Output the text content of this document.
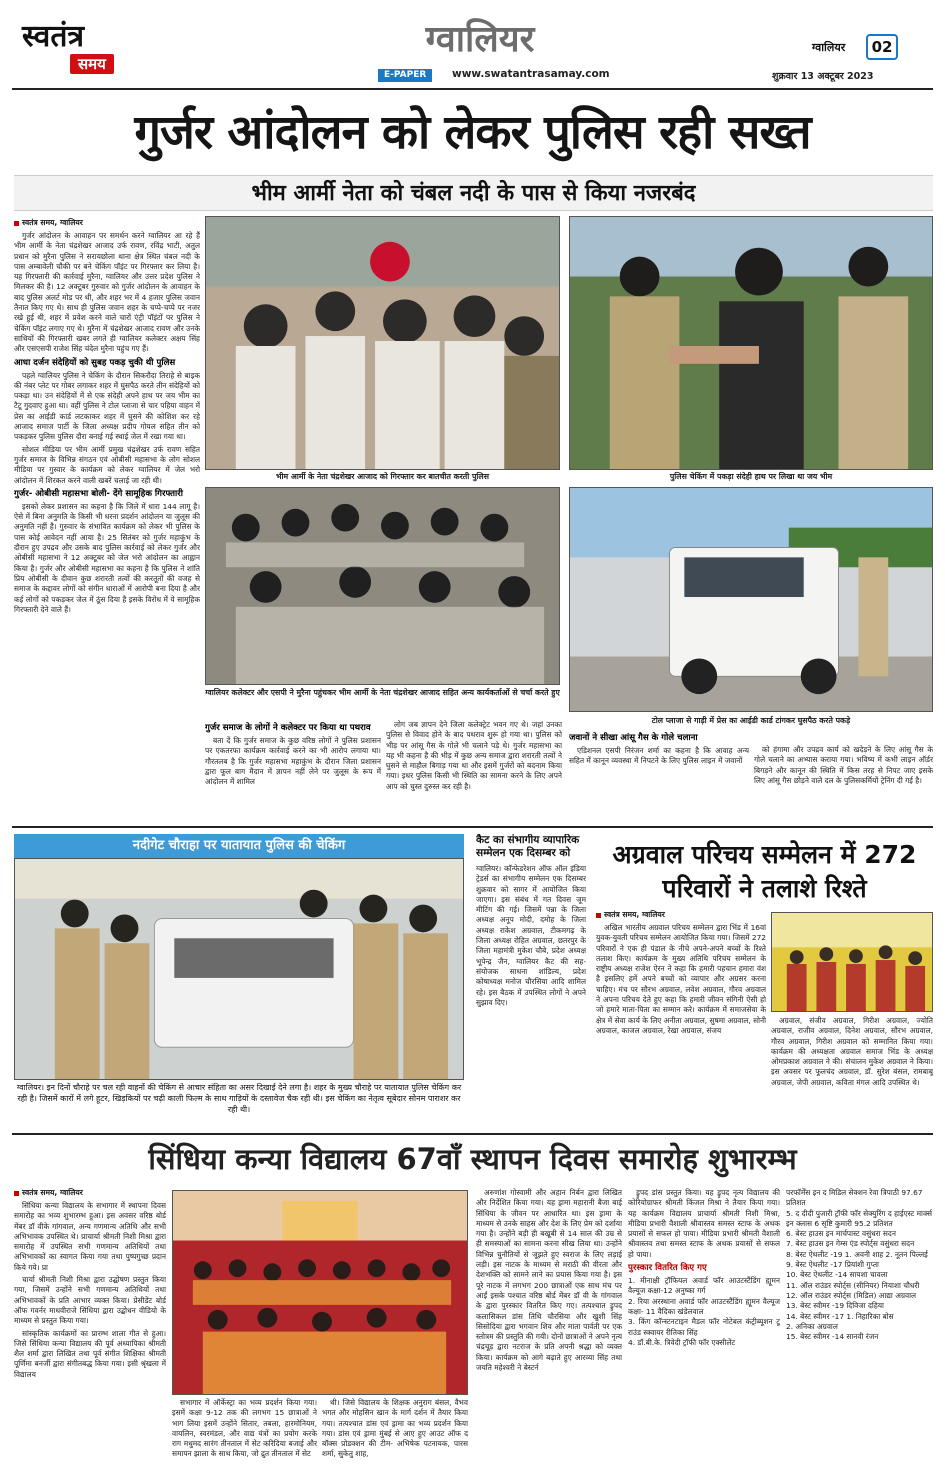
स्वतंत्र
समय
ग्वालियर
E-PAPER	www.swatantrasamay.com
ग्वालियर	02
शुक्रवार 13 अक्टूबर 2023
गुर्जर आंदोलन को लेकर पुलिस रही सख्त
भीम आर्मी नेता को चंबल नदी के पास से किया नजरबंद
स्वतंत्र समय, ग्वालियर

गुर्जर आंदोलन के आवाहन पर समर्थन करने ग्वालियर आ रहे हैं भीम आर्मी के नेता चंद्रशेखर आजाद उर्फ रावण, रविंद्र भाटी, अतुल प्रधान को मुरैना पुलिस ने सरायछोला थाना क्षेत्र स्थित चंबल नदी के पास अम्बावेली चौकी पर बने चेकिंग पॉइंट पर गिरफ्तार कर लिया है। यह गिरफ्तारी की कार्रवाई मुरैना, ग्वालियर और उत्तर प्रदेश पुलिस ने मिलकर की है। 12 अक्टूबर गुरुवार को गुर्जर आंदोलन के आवाहन के बाद पुलिस अलर्ट मोड पर थी, और शहर भर में 4 हजार पुलिस जवान तैनात किए गए थे। साथ ही पुलिस जवान शहर के चप्पे-चप्पे पर नजर रखे हुई थी, शहर में प्रवेश करने वाले चारों एंट्री पॉइंटों पर पुलिस ने चेकिंग पॉइंट लगाए गए थे। मुरैना में चंद्रशेखर आजाद रावण और उनके साथियों की गिरफ्तारी खबर लगते ही ग्वालियर कलेक्टर अक्षय सिंह और एसएसपी राजेश सिंह चंदेल मुरैना पहुंच गए हैं।

आधा दर्जन संदेहियों को सुबह पकड़ चुकी थी पुलिस

पहले ग्वालियर पुलिस ने चेकिंग के दौरान सिकरौदा तिराहे से बाइक की नंबर प्लेट पर गोबर लगाकर शहर में घुसपैठ करते तीन संदेहियों को पकड़ा था। उन संदेहियों में से एक संदेही अपने हाथ पर जय भीम का टैटू गुदवाए हुआ था। वहीं पुलिस ने टोल प्लाजा से चार पहिया वाहन में प्रेस का आईडी कार्ड लटकाकर शहर में घुसने की कोशिश कर रहे आजाद समाज पार्टी के जिला अध्यक्ष प्रदीप गोयल सहित तीन को पकड़कर पुलिस पुलिस दौरा बनाई गई स्थाई जेल में रखा गया था।

सोशल मीडिया पर भीम आर्मी प्रमुख चंद्रशेखर उर्फ रावण सहित गुर्जर समाज के विभिन्न संगठन एवं ओबीसी महासभा के लोग सोशल मीडिया पर गुस्वार के कार्यक्रम को लेकर ग्वालियर में जेल भरो आंदोलन में शिरकत करने वाली खबरें चलाई जा रही थी।

गुर्जर- ओबीसी महासभा बोली- देंगे सामूहिक गिरफ्तारी

इसको लेकर प्रशासन का कहना है कि जिले में धारा 144 लागू है। ऐसे में बिना अनुमति के किसी भी धरना प्रदर्शन आंदोलन या जुलूस की अनुमति नहीं है। गुरुवार के संभावित कार्यक्रम को लेकर भी पुलिस के पास कोई आवेदन नहीं आया है। 25 सितंबर को गुर्जर महाकुंभ के दौरान हुए उपद्रव और उसके बाद पुलिस कार्रवाई को लेकर गुर्जर और ओबीसी महासभा ने 12 अक्टूबर को जेल भरो आंदोलन का आह्वान किया है। गुर्जर और ओबीसी महासभा का कहना है कि पुलिस ने शांति प्रिय ओबीसी के दीवान कुछ शरारती तत्वों की करतूतों की वजह से समाज के कद्दावर लोगों को संगीन धाराओं में आरोपी बना दिया है और कई लोगों को पकड़कर जेल में ठूंस दिया है इसके विरोध में ये सामूहिक गिरफ्तारी देने वाले हैं।

भीम आर्मी के नेता चंद्रशेखर आजाद को गिरफ्तार कर बातचीत करती पुलिस	पुलिस चेकिंग में पकड़ा संदेही हाथ पर लिखा था जय भीम
ग्वालियर कलेक्टर और एसपी ने मुरैना पहुंचकर भीम आर्मी के नेता चंद्रशेखर आजाद सहित अन्य कार्यकर्ताओं से चर्चा करते हुए
टोल प्लाजा से गाड़ी में प्रेस का आईडी कार्ड टांगकर घुसपैठ करते पकड़े
गुर्जर समाज के लोगों ने कलेक्टर पर किया था पथराव

बता दें कि गुर्जर समाज के कुछ वरिष्ठ लोगों ने पुलिस प्रशासन पर एकतरफा कार्यक्रम कार्रवाई करने का भी आरोप लगाया था। गौरतलब है कि गुर्जर महासभा महाकुंभ के दौरान जिला प्रशासन द्वारा फूल बाग मैदान में ज्ञापन नहीं लेने पर जुलूस के रूप में आंदोलन में शामिल

लोग जब ज्ञापन देने जिला कलेक्ट्रेट भवन गए थे। जहां उनका पुलिस से विवाद होने के बाद पथराव शुरू हो गया था। पुलिस को भीड़ पर आंसू गैस के गोले भी चलाने पड़े थे। गुर्जर महासभा का यह भी कहना है की भीड़ में कुछ अन्य समाज द्वारा शरारती तत्वों ने घुसने से माहौल बिगाड़ गया था और इसमें गुर्जरों को बदनाम किया गया। इधर पुलिस किसी भी स्थिति का सामना करने के लिए अपने आप को चुस्त दुरुस्त कर रही है।

जवानों ने सीखा आंसू गैस के गोले चलाना

एडिशनल एसपी निरंजन शर्मा का कहना है कि आवाह अन्य सहित में कानून व्यवस्था में निपटने के लिए पुलिस लाइन में जवानों

को हंगामा और उपद्रव कार्य को खदेड़ने के लिए आंसू गैस के गोले चलाने का अभ्यास कराया गया। भविष्य में कभी लाइन ऑर्डर बिगड़ने और कानून की स्थिति में किस तरह से निपट जाए इसके लिए आंसू गैस छोड़ने वाले दल के पुलिसकर्मियों ट्रेनिंग दी गई है।

नदीगेट चौराहा पर यातायात पुलिस की चेकिंग
ग्वालियर। इन दिनों चौराहे पर चल रही वाहनों की चेकिंग से आचार संहिता का असर दिखाई देने लगा है। शहर के मुख्य चौराहे पर यातायात पुलिस चेकिंग कर रही है। जिसमें कारों में लगे हूटर, खिड़कियों पर चढ़ी काली फिल्म के साथ गाड़ियों के दस्तावेज चैक रही थी। इस चेकिंग का नेतृत्व सूबेदार सोनम पाराशर कर रही थी।
कैट का संभागीय व्यापारिक सम्मेलन एक दिसम्बर को
ग्वालियर। कॉन्फेडरेशन ऑफ ऑल इंडिया ट्रेडर्स का संभागीय सम्मेलन एक दिसम्बर शुक्रवार को सागर में आयोजित किया जाएगा। इस संबंध में गत दिवस जूम मीटिंग की गई। जिसमें पन्ना के जिला अध्यक्ष अनूप मोदी, दमोह के जिला अध्यक्ष राकेश अग्रवाल, टीकमगढ़ के जिला अध्यक्ष रोहित अग्रवाल, छतरपुर के जिला महामंत्री मुकेश चौबे, प्रदेश अध्यक्ष भूपेन्द्र जैन, ग्वालियर कैट की सह-संयोजक साधना शांडिल्य, प्रदेश कोषाध्यक्ष मनोज चौरसिया आदि शामिल रहे। इस बैठक में उपस्थित लोगों ने अपने सुझाव दिए।
अग्रवाल परिचय सम्मेलन में 272 परिवारों ने तलाशे रिश्ते
स्वतंत्र समय, ग्वालियर

अखिल भारतीय अग्रवाल परिचय सम्मेलन द्वारा भिंड में 16वां युवक-युवती परिचय सम्मेलन आयोजित किया गया। जिसमें 272 परिवारों ने एक ही पंडाल के नीचे अपने-अपने बच्चों के रिश्ते तलाश किए। कार्यक्रम के मुख्य अतिथि परिचय सम्मेलन के राष्ट्रीय अध्यक्ष राजेश ऐरन ने कहा कि हमारी पहचान हमारा वंश है इसलिए हमें अपने बच्चों को व्यापार और अग्रसर करना चाहिए। मंच पर सौरभ अग्रवाल, लवेश अग्रवाल, गौरव अग्रवाल ने अपना परिचय देते हुए कहा कि हमारी जीवन संगिनी ऐसी हो जो हमारे माता-पिता का सम्मान करे। कार्यक्रम में समाजसेवा के क्षेत्र में सेवा कार्य के लिए अनीता अग्रवाल, सुषमा अग्रवाल, सोनी अग्रवाल, काजल अग्रवाल, रेखा अग्रवाल, संजय

अग्रवाल, संजीव अग्रवाल, गिरीश अग्रवाल, ज्योति अग्रवाल, राजीव अग्रवाल, दिनेश अग्रवाल, सौरभ अग्रवाल, गौरव अग्रवाल, गिरीश अग्रवाल को सम्मानित किया गया। कार्यक्रम की अध्यक्षता अग्रवाल समाज भिंड के अध्यक्ष ओमप्रकाश अग्रवाल ने की। संचालन मुकेश अग्रवाल ने किया। इस अवसर पर फूलचंद अग्रवाल, डॉ. सुरेश बंसल, रामबाबू अग्रवाल, जेपी अग्रवाल, कविता मंगल आदि उपस्थित थे।

सिंधिया कन्या विद्यालय 67वाँ स्थापन दिवस समारोह शुभारम्भ
स्वतंत्र समय, ग्वालियर

सिंधिया कन्या विद्यालय के सभागार में स्थापना दिवस समारोह का भव्य शुभारम्भ हुआ। इस अवसर वरिष्ठ बोर्ड मेंबर डॉ वीके गांगवाल, अन्य गणमान्य अतिथि और सभी अभिभावक उपस्थित थे। प्राचार्या श्रीमती निशी मिश्रा द्वारा समारोह में उपस्थित सभी गणमान्य अतिथियों तथा अभिभावकों का स्वागत किया गया तथा पुष्पगुच्छ प्रदान किये गये। प्रा

चार्या श्रीमती निशी मिश्रा द्वारा उद्घोषण प्रस्तुत किया गया, जिसमें उन्होंने सभी गणमान्य अतिथियों तथा अभिभावकों के प्रति आभार व्यक्त किया। प्रेसीडेंट बोर्ड ऑफ गवर्नर माधवीराजे सिंधिया द्वारा उद्बोधन वीडियो के माध्यम से प्रस्तुत किया गया।

सांस्कृतिक कार्यक्रमों का प्रारम्भ शाला गीत से हुआ। जिसे सिंधिया कन्या विद्यालय की पूर्व अध्यापिका श्रीमती शैल शर्मा द्वारा लिखित तथा पूर्व संगीत शिक्षिका श्रीमती पूर्णिमा बनर्जी द्वारा संगीतबद्ध किया गया। इसी श्रृंखला में विद्यालय

सभागार में ऑर्केस्ट्रा का भव्य प्रदर्शन किया गया। इसमें कक्षा 9-12 तक की लगभग 15 छात्राओं ने भाग लिया इसमें उन्होंने सितार, तबला, हारमोनियम, वायलिन, स्वरमंडल, और वाद्य यंत्रों का प्रयोग करके राग मधुमद सारंग तीनताल में सेट करिदिया बजाई और समापन झाला के साथ किया, जो द्रुत तीनताल में सेट

थी। जिसे विद्यालय के शिक्षक अनुराग बंसल, वैभव भगत और मोहसिन खान के मार्ग दर्शन में तैयार किया गया। तत्पश्चात डांस एवं ड्रामा का भव्य प्रदर्शन किया गया। डांस एवं ड्रामा मुंबई से आए हुए आउट ऑफ द बॉक्स प्रोडक्शन की टीम- अभिषेक पटनायक, पारस शर्मा, सुकेतु शाह,

अरुणांश गोस्वामी और अहान निर्बन द्वारा लिखित और निर्देशित किया गया। यह ड्रामा महारानी बैजा बाई सिंधिया के जीवन पर आधारित था। इस ड्रामा के माध्यम से उनके साहस और देश के लिए प्रेम को दर्शाया गया है। उन्होंने बड़ी ही बखूबी से 14 साल की उम्र से ही समस्याओं का सामना करना सीख लिया था। उन्होंने विभिन्न चुनौतियों से जूझते हुए स्वराज के लिए लड़ाई लड़ी। इस नाटक के माध्यम से मराठी की वीरता और देशभक्ति को सामने लाने का प्रयास किया गया है। इस पूरे नाटक में लगभग 200 छात्राओं एक साथ मंच पर आईं इसके पश्चात वरिष्ठ बोर्ड मेंबर डॉ वी के गांगवाल के द्वारा पुरस्कार वितरित किए गए। तत्पश्चात ड्रुपद कलासिकल डांस तिथि चौरसिया और खुशी सिंह सिसोदिया द्वारा भगवान शिव और माता पार्वती पर एक स्तोत्रम की प्रस्तुति की गयी। दोनों छात्राओं ने अपने नृत्य चंद्रचूड़ द्वारा नटराज के प्रति अपनी श्रद्धा को व्यक्त किया। कार्यक्रम को आगे बढ़ाते हुए आरव्या सिंह तथा जयति महेश्वरी ने बेस्टर्न

ड्रुपद डांस प्रस्तुत किया। यह ड्रुपद नृत्य विद्यालय की कोरियोग्राफर श्रीमती किंजल मिश्रा ने तैयार किया गया। यह कार्यक्रम विद्यालय प्राचार्या श्रीमती निशी मिश्रा, मीडिया प्रभारी वैशाली श्रीवास्तव समस्त स्टाफ के अथक प्रयासों से सफल हो पाया। मीडिया प्रभारी श्रीमती वैशाली श्रीवास्तव तथा समस्त स्टाफ के अथक प्रयासों से सफल हो पाया।

पुरस्कार वितरित किए गए
1. मीनाक्षी ट्रॉफियल अवार्ड फॉर आउटस्टैंडिंग ह्यूमन वैल्यूज कक्षा-12 अनुष्का गर्ग
2. रिया अरस्थाना अवार्ड फॉर आउटस्टैंडिंग ह्यूमन वैल्यूज कक्षा- 11 वैदिका खंडेलवाल
3. किंग कॉन्स्टनटाइन मैडल फॉर नोटेबल कंट्रीब्यूशन टू राउंड स्क्वायर रीतिका सिंह
4. डॉ.बी.के. त्रिवेदी ट्रॉफी फॉर एक्सीलेंट
परफॉर्मेंस इन द मिडिल सेक्शन रेवा त्रिपाठी 97.67 प्रतिशत
5. द दीदी पुजारी ट्रॉफी फॉर सेक्युरिंग द हाईएस्ट मार्क्स इन क्लास 6 सृष्टि कुमारी 95.2 प्रतिशत
6. बेस्ट हाउस इन मार्चपास्ट वसुंधरा सदन
7. बेस्ट हाउस इन गेम्स एंड स्पोर्ट्स वसुंधरा सदन
8. बेस्ट ऐथलीट -19 1. अवनी शाह 2. नूतन पिल्लई
9. बेस्ट ऐथलीट -17 प्रियांशी गुप्ता
10. बेस्ट ऐथलीट -14 सायशा चावला
11. ऑल राउंडर स्पोर्ट्स (सीनियर) नियाशा चौधरी
12. ऑल राउंडर स्पोर्ट्स (मिडिल) आद्या अग्रवाल
13. बेस्ट स्वीमर -19 दिविजा दहिया
14. बेस्ट स्वीमर -17 1. निहारिका बोस
2. अनिका अग्रवाल
15. बेस्ट स्वीमर -14 सानवी रंजन
